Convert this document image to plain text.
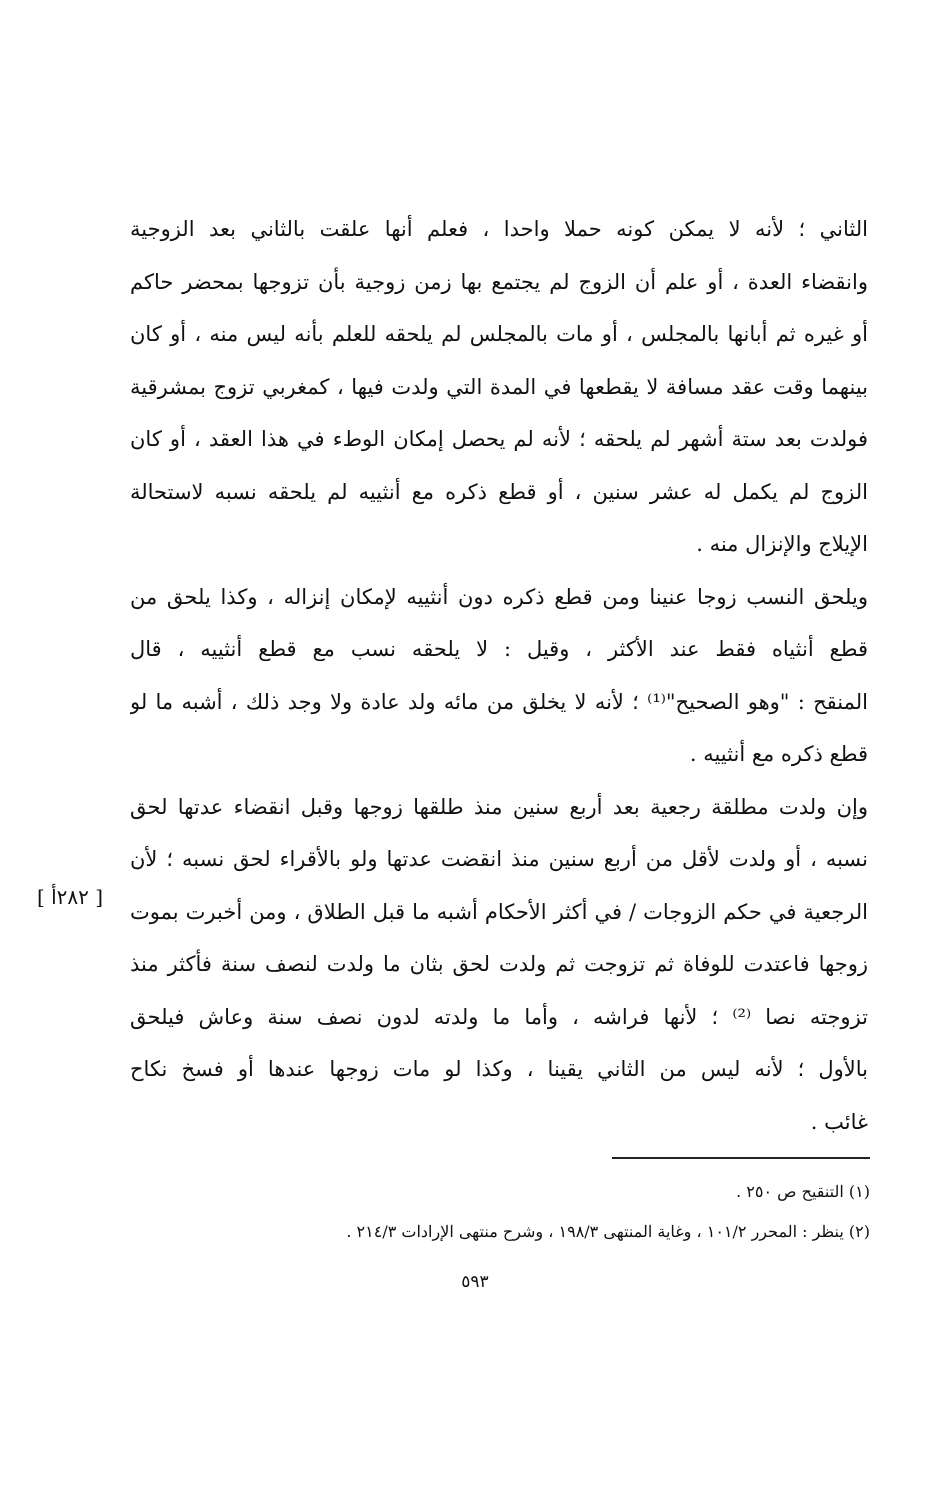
الثاني ؛ لأنه لا يمكن كونه حملا واحدا ، فعلم أنها علقت بالثاني بعد الزوجية
وانقضاء العدة ، أو علم أن الزوج لم يجتمع بها زمن زوجية بأن تزوجها بمحضر حاكم
أو غيره ثم أبانها بالمجلس ، أو مات بالمجلس لم يلحقه للعلم بأنه ليس منه ، أو كان
بينهما وقت عقد مسافة لا يقطعها في المدة التي ولدت فيها ، كمغربي تزوج بمشرقية
فولدت بعد ستة أشهر لم يلحقه ؛ لأنه لم يحصل إمكان الوطء في هذا العقد ، أو كان
الزوج لم يكمل له عشر سنين ، أو قطع ذكره مع أنثييه لم يلحقه نسبه لاستحالة
الإيلاج والإنزال منه .
ويلحق النسب زوجا عنينا ومن قطع ذكره دون أنثييه لإمكان إنزاله ، وكذا يلحق من
قطع أنثياه فقط عند الأكثر ، وقيل : لا يلحقه نسب مع قطع أنثييه ، قال
المنقح : "وهو الصحيح"⁽¹⁾ ؛ لأنه لا يخلق من مائه ولد عادة ولا وجد ذلك ، أشبه ما لو
قطع ذكره مع أنثييه .
وإن ولدت مطلقة رجعية بعد أربع سنين منذ طلقها زوجها وقبل انقضاء عدتها لحق
نسبه ، أو ولدت لأقل من أربع سنين منذ انقضت عدتها ولو بالأقراء لحق نسبه ؛ لأن
الرجعية في حكم الزوجات / في أكثر الأحكام أشبه ما قبل الطلاق ، ومن أخبرت بموت
زوجها فاعتدت للوفاة ثم تزوجت ثم ولدت لحق بثان ما ولدت لنصف سنة فأكثر منذ
تزوجته نصا ⁽²⁾ ؛ لأنها فراشه ، وأما ما ولدته لدون نصف سنة وعاش فيلحق
بالأول ؛ لأنه ليس من الثاني يقينا ، وكذا لو مات زوجها عندها أو فسخ نكاح
غائب .
[ ٢٨٢أ ]
(١) التنقيح ص ٢٥٠ .
(٢) ينظر : المحرر ١٠١/٢ ، وغاية المنتهى ١٩٨/٣ ، وشرح منتهى الإرادات ٢١٤/٣ .
٥٩٣
